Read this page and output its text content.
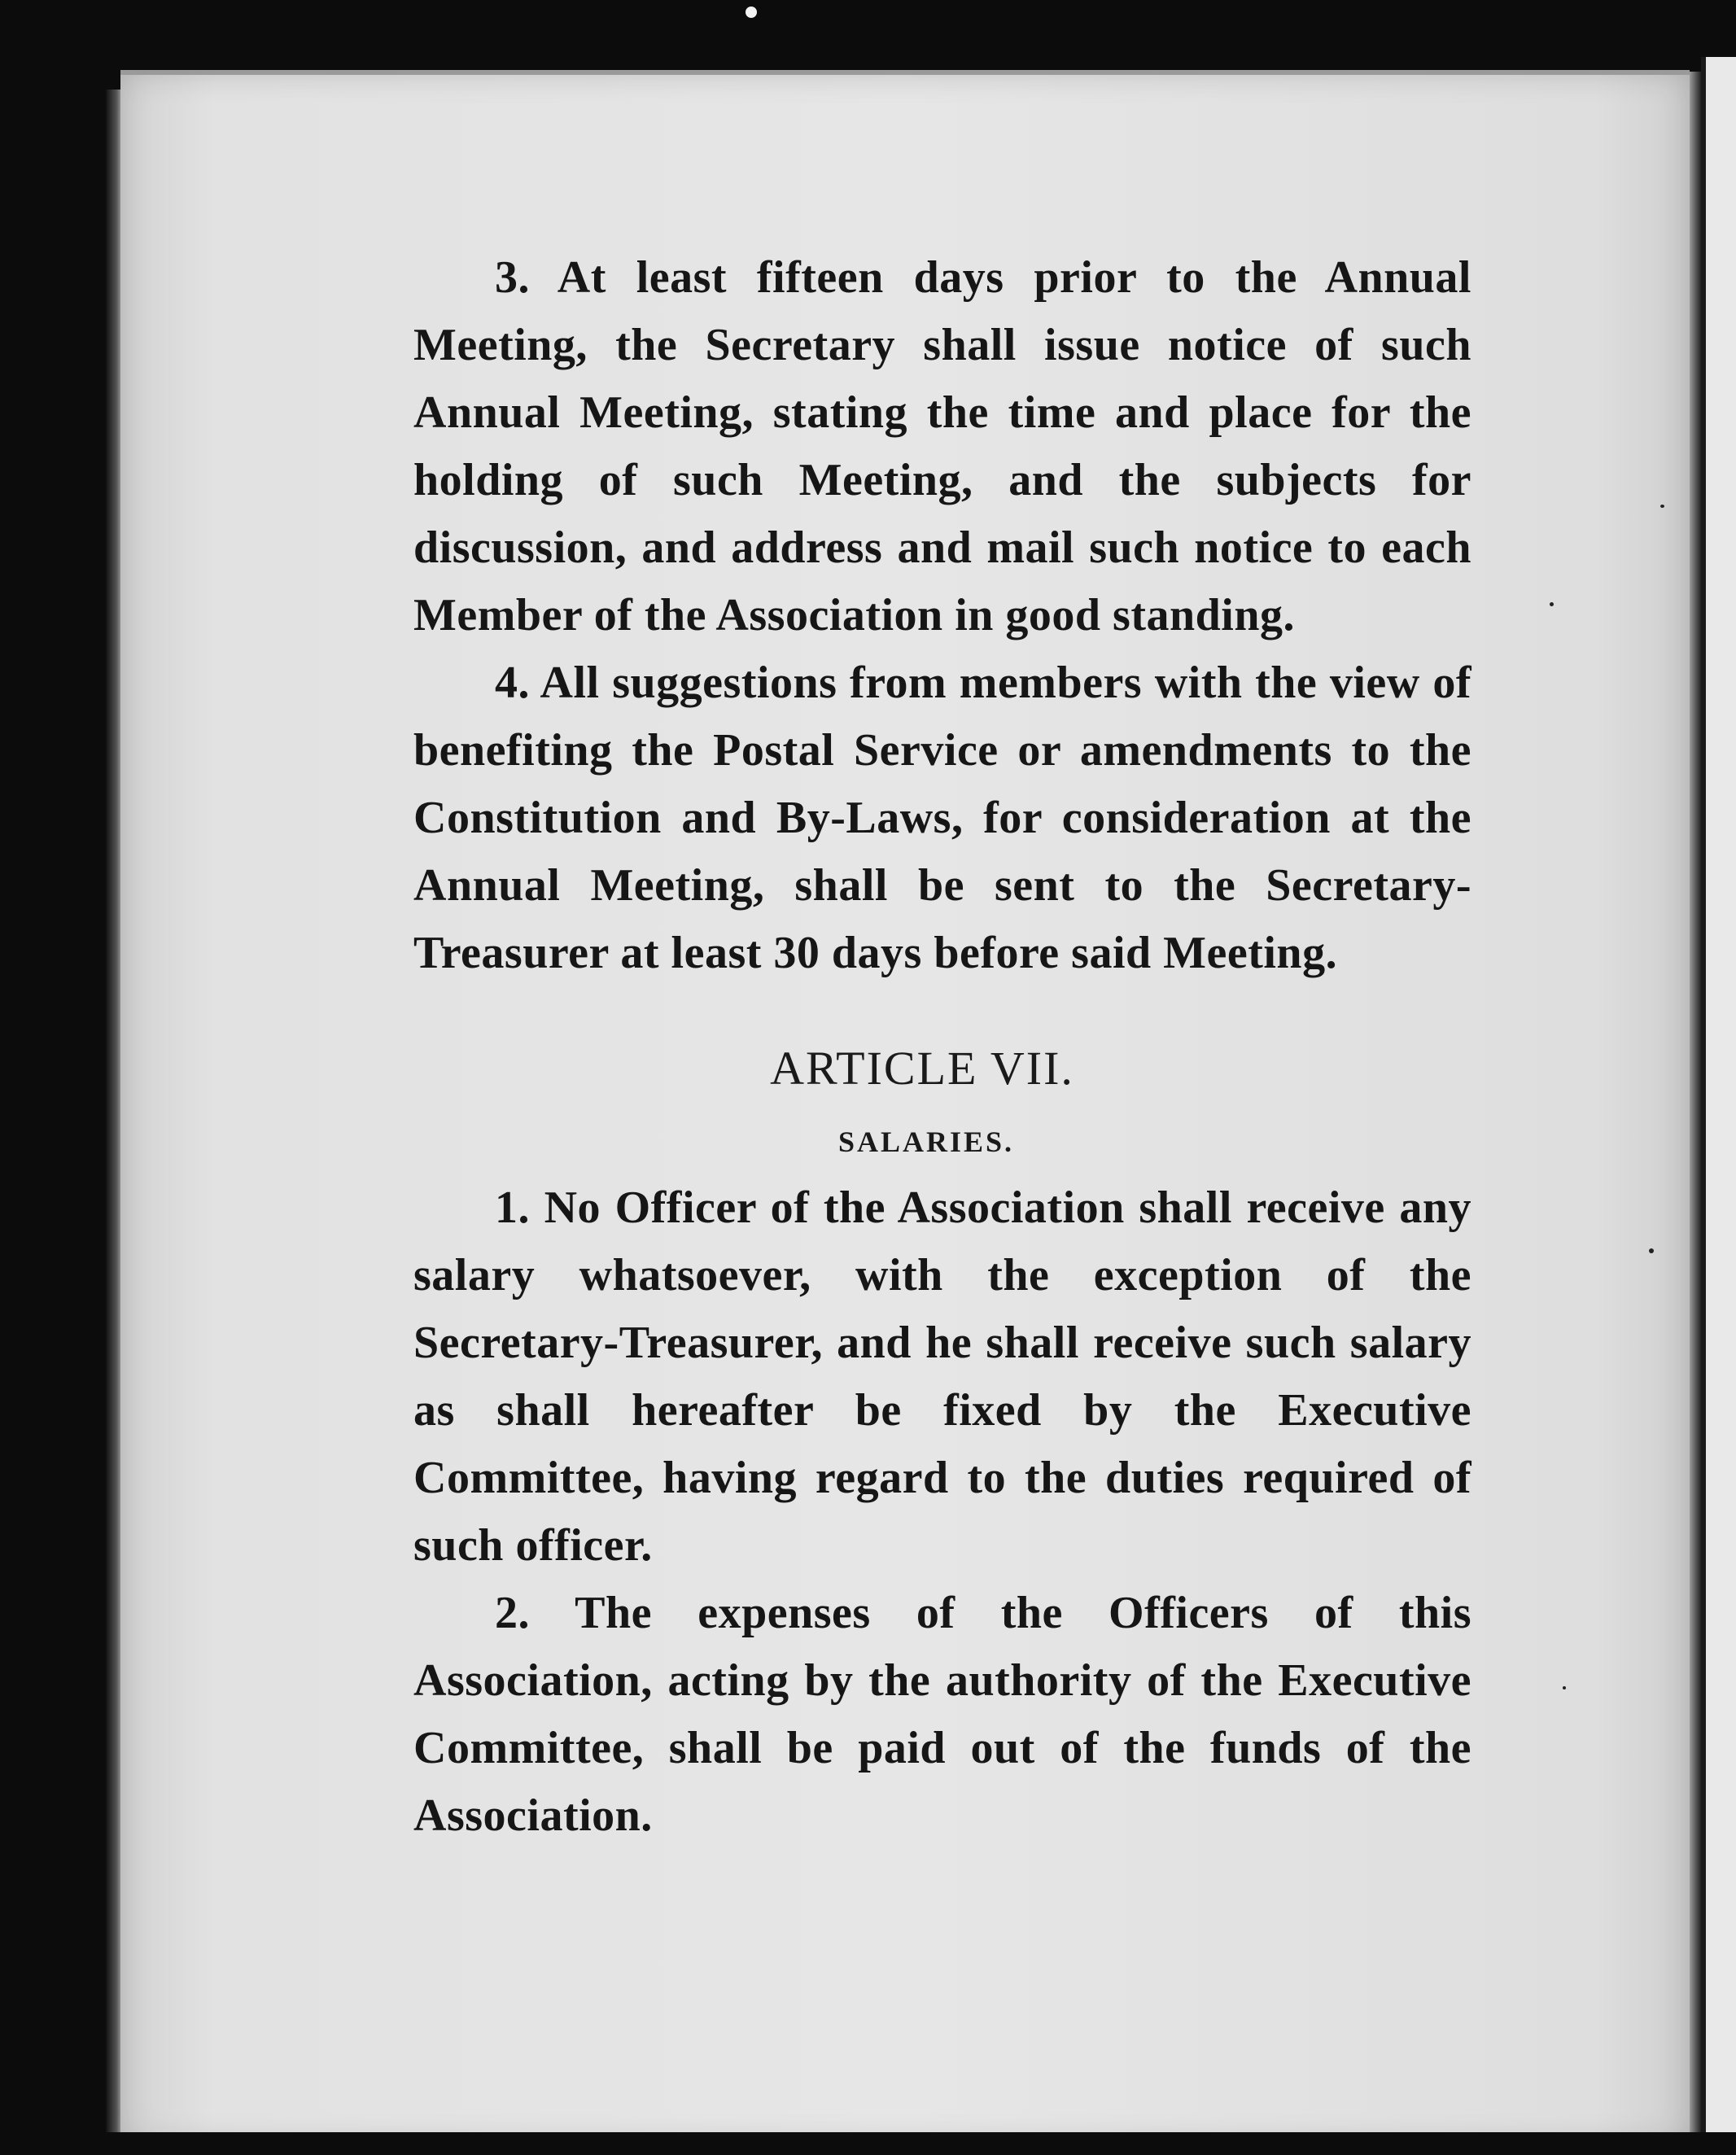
3. At least fifteen days prior to the Annual Meeting, the Secretary shall issue notice of such Annual Meeting, stating the time and place for the holding of such Meeting, and the subjects for discussion, and address and mail such notice to each Member of the Association in good standing.

4. All suggestions from members with the view of benefiting the Postal Service or amendments to the Constitution and By-Laws, for consideration at the Annual Meeting, shall be sent to the Secretary-Treasurer at least 30 days before said Meeting.

ARTICLE VII.
SALARIES.

1. No Officer of the Association shall receive any salary whatsoever, with the exception of the Secretary-Treasurer, and he shall receive such salary as shall hereafter be fixed by the Executive Committee, having regard to the duties required of such officer.

2. The expenses of the Officers of this Association, acting by the authority of the Executive Committee, shall be paid out of the funds of the Association.
